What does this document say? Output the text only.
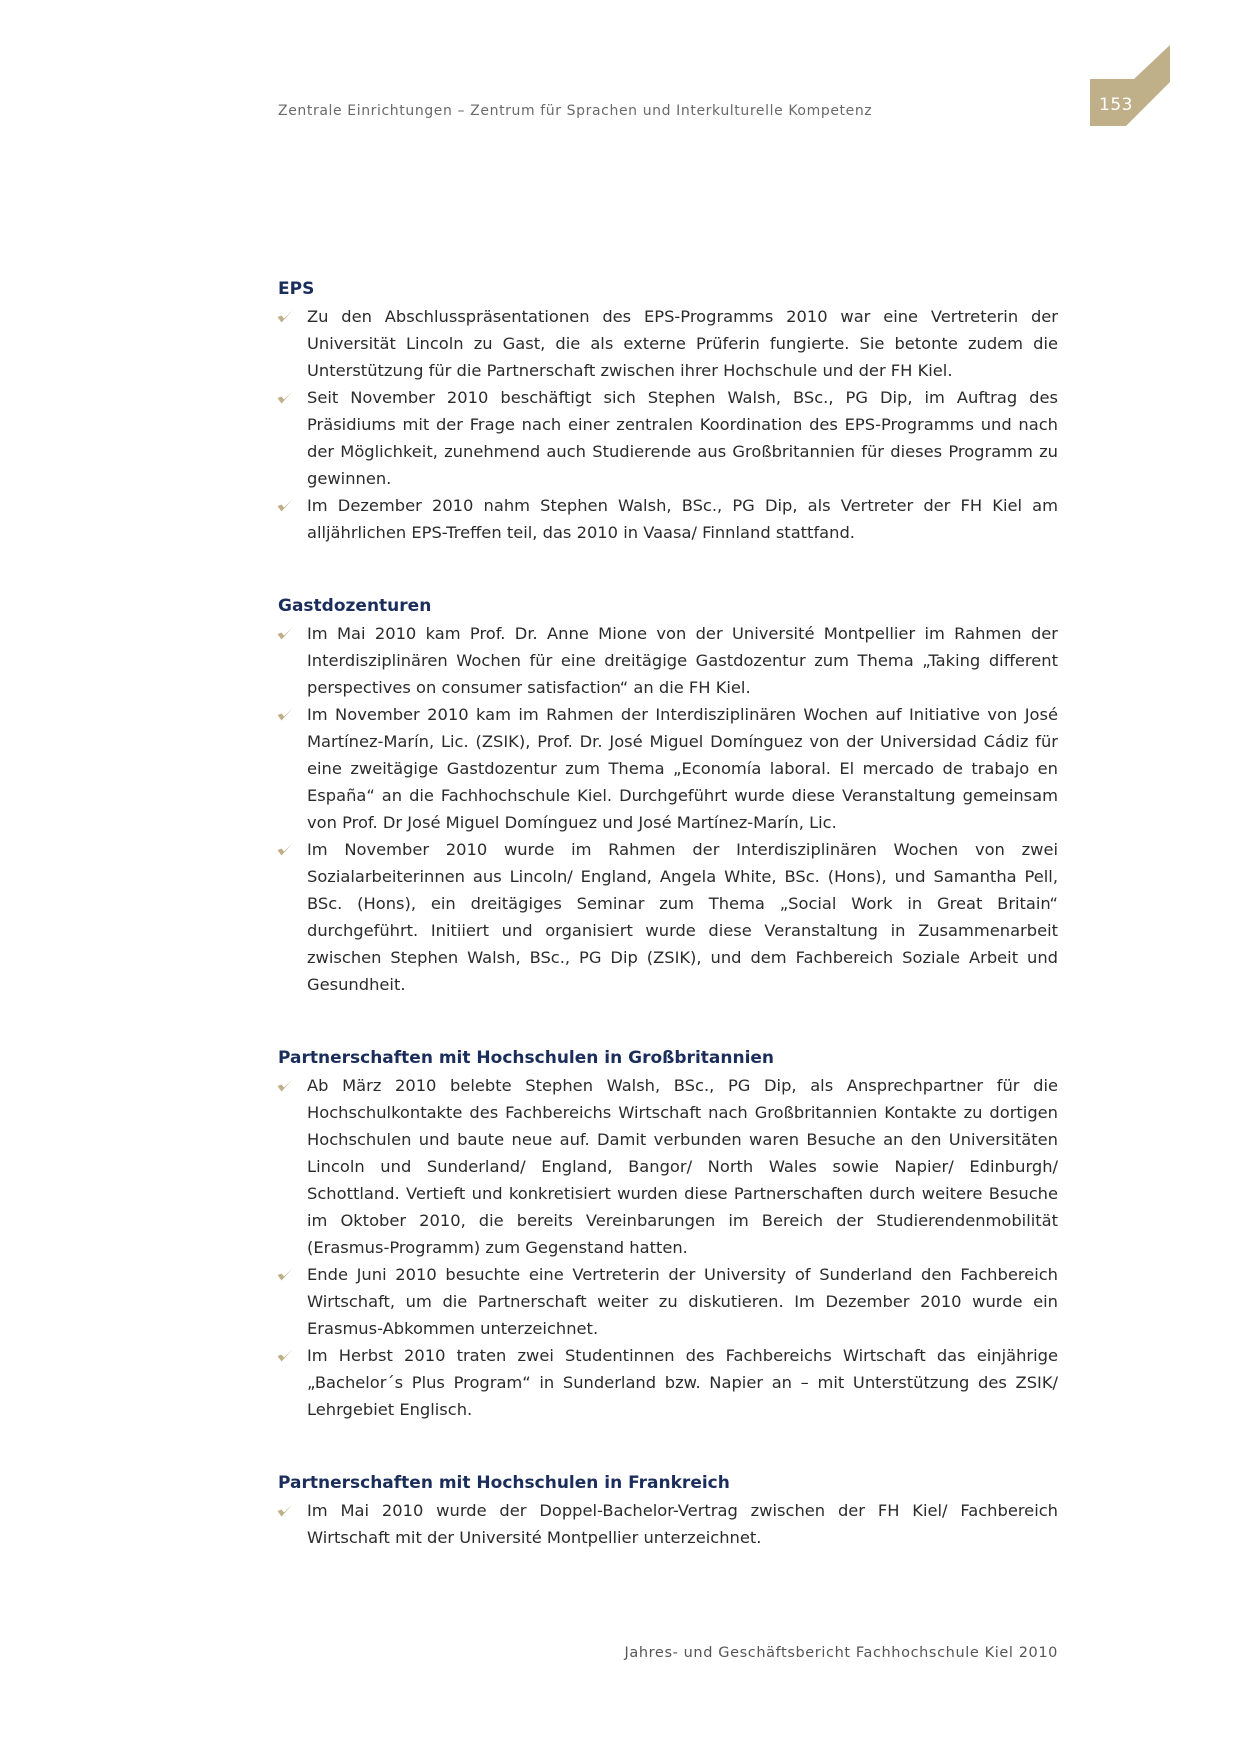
Zentrale Einrichtungen – Zentrum für Sprachen und Interkulturelle Kompetenz	153
EPS
Zu den Abschlusspräsentationen des EPS-Programms 2010 war eine Vertreterin der Universität Lincoln zu Gast, die als externe Prüferin fungierte. Sie betonte zudem die Unterstützung für die Partnerschaft zwischen ihrer Hochschule und der FH Kiel.
Seit November 2010 beschäftigt sich Stephen Walsh, BSc., PG Dip, im Auftrag des Präsidiums mit der Frage nach einer zentralen Koordination des EPS-Programms und nach der Möglichkeit, zunehmend auch Studierende aus Großbritannien für dieses Programm zu gewinnen.
Im Dezember 2010 nahm Stephen Walsh, BSc., PG Dip, als Vertreter der FH Kiel am alljährlichen EPS-Treffen teil, das 2010 in Vaasa/ Finnland stattfand.
Gastdozenturen
Im Mai 2010 kam Prof. Dr. Anne Mione von der Université Montpellier im Rahmen der Interdisziplinären Wochen für eine dreitägige Gastdozentur zum Thema „Taking different perspectives on consumer satisfaction“ an die FH Kiel.
Im November 2010 kam im Rahmen der Interdisziplinären Wochen auf Initiative von José Martínez-Marín, Lic. (ZSIK), Prof. Dr. José Miguel Domínguez von der Universidad Cádiz für eine zweitägige Gastdozentur zum Thema „Economía laboral. El mercado de trabajo en España“ an die Fachhochschule Kiel. Durchgeführt wurde diese Veranstaltung gemeinsam von Prof. Dr José Miguel Domínguez und José Martínez-Marín, Lic.
Im November 2010 wurde im Rahmen der Interdisziplinären Wochen von zwei Sozialarbeiterinnen aus Lincoln/ England, Angela White, BSc. (Hons), und Samantha Pell, BSc. (Hons), ein dreitägiges Seminar zum Thema „Social Work in Great Britain“ durchgeführt. Initiiert und organisiert wurde diese Veranstaltung in Zusammenarbeit zwischen Stephen Walsh, BSc., PG Dip (ZSIK), und dem Fachbereich Soziale Arbeit und Gesundheit.
Partnerschaften mit Hochschulen in Großbritannien
Ab März 2010 belebte Stephen Walsh, BSc., PG Dip, als Ansprechpartner für die Hochschulkontakte des Fachbereichs Wirtschaft nach Großbritannien Kontakte zu dortigen Hochschulen und baute neue auf. Damit verbunden waren Besuche an den Universitäten Lincoln und Sunderland/ England, Bangor/ North Wales sowie Napier/ Edinburgh/ Schottland. Vertieft und konkretisiert wurden diese Partnerschaften durch weitere Besuche im Oktober 2010, die bereits Vereinbarungen im Bereich der Studierendenmobilität (Erasmus-Programm) zum Gegenstand hatten.
Ende Juni 2010 besuchte eine Vertreterin der University of Sunderland den Fachbereich Wirtschaft, um die Partnerschaft weiter zu diskutieren. Im Dezember 2010 wurde ein Erasmus-Abkommen unterzeichnet.
Im Herbst 2010 traten zwei Studentinnen des Fachbereichs Wirtschaft das einjährige „Bachelor´s Plus Program“ in Sunderland bzw. Napier an – mit Unterstützung des ZSIK/ Lehrgebiet Englisch.
Partnerschaften mit Hochschulen in Frankreich
Im Mai 2010 wurde der Doppel-Bachelor-Vertrag zwischen der FH Kiel/ Fachbereich Wirtschaft mit der Université Montpellier unterzeichnet.
Jahres- und Geschäftsbericht Fachhochschule Kiel 2010
